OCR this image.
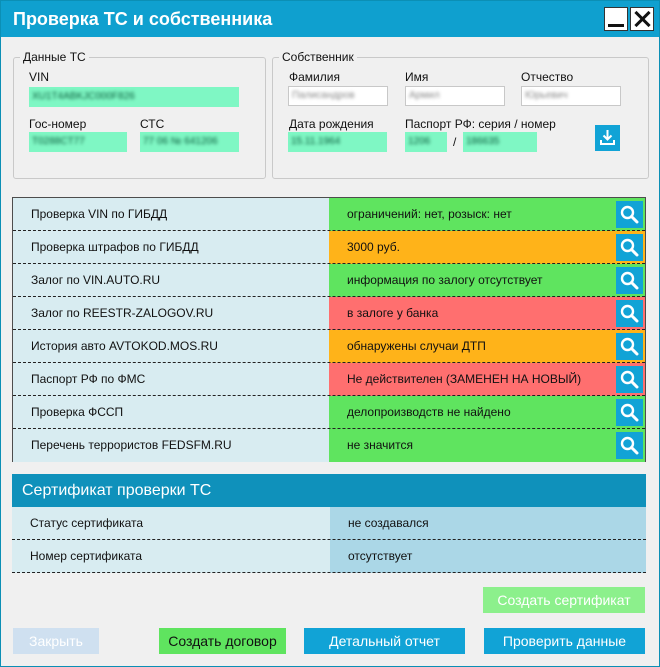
Проверка ТС и собственника
Данные ТС
VIN
XU1T4ABKJC000F826
Гос-номер
T0288CT77
СТС
77 06 № 641206
Собственник
Фамилия
Палисандров
Имя
Армил
Отчество
Юрьевич
Дата рождения
15.11.1964
Паспорт РФ: серия / номер
1206	/ 186635
Проверка VIN по ГИБДД	ограничений: нет, розыск: нет
Проверка штрафов по ГИБДД	3000 руб.
Залог по VIN.AUTO.RU	информация по залогу отсутствует
Залог по REESTR-ZALOGOV.RU	в залоге у банка
История авто AVTOKOD.MOS.RU	обнаружены случаи ДТП
Паспорт РФ по ФМС	Не действителен (ЗАМЕНЕН НА НОВЫЙ)
Проверка ФССП	делопроизводств не найдено
Перечень террористов FEDSFM.RU	не значится
Сертификат проверки ТС
Статус сертификата	не создавался
Номер сертификата	отсутствует
Создать сертификат
Закрыть	Создать договор	Детальный отчет	Проверить данные
